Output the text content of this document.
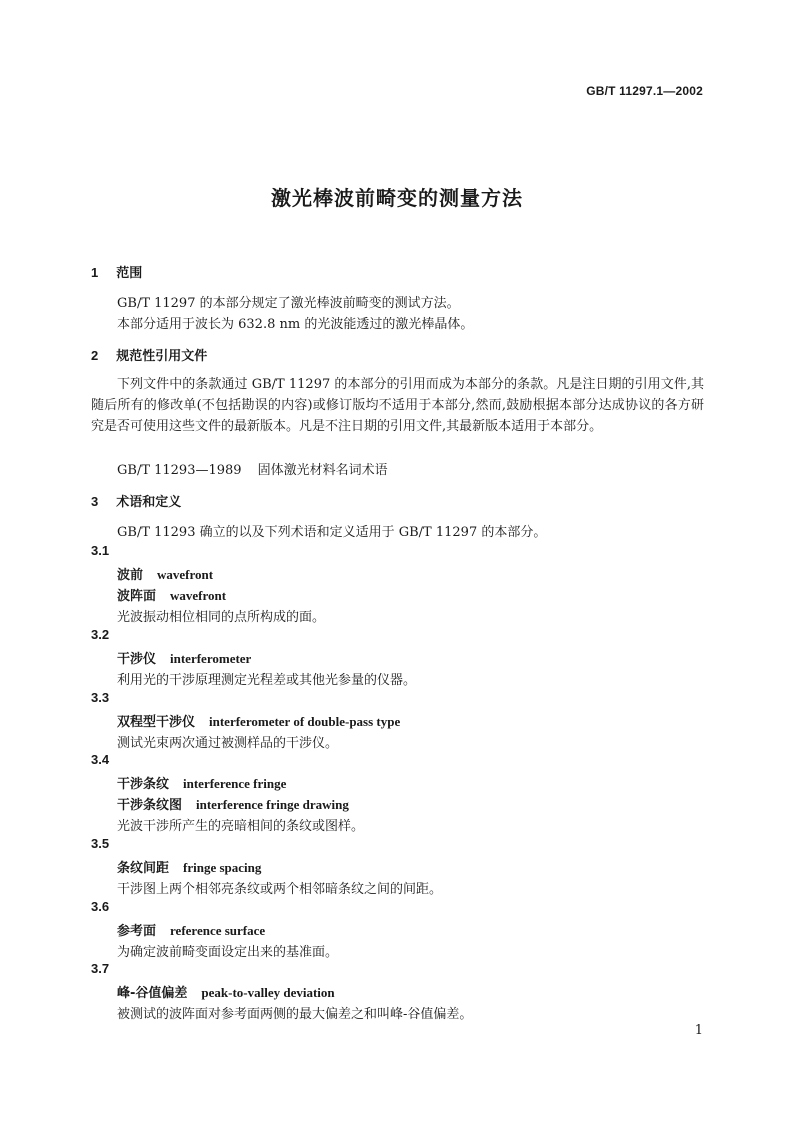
GB/T 11297.1—2002
激光棒波前畸变的测量方法
1 范围
GB/T 11297 的本部分规定了激光棒波前畸变的测试方法。
本部分适用于波长为 632.8 nm 的光波能透过的激光棒晶体。
2 规范性引用文件
下列文件中的条款通过 GB/T 11297 的本部分的引用而成为本部分的条款。凡是注日期的引用文件,其随后所有的修改单(不包括勘误的内容)或修订版均不适用于本部分,然而,鼓励根据本部分达成协议的各方研究是否可使用这些文件的最新版本。凡是不注日期的引用文件,其最新版本适用于本部分。
GB/T 11293—1989 固体激光材料名词术语
3 术语和定义
GB/T 11293 确立的以及下列术语和定义适用于 GB/T 11297 的本部分。
3.1
波前 wavefront
波阵面 wavefront
光波振动相位相同的点所构成的面。
3.2
干涉仪 interferometer
利用光的干涉原理测定光程差或其他光参量的仪器。
3.3
双程型干涉仪 interferometer of double-pass type
测试光束两次通过被测样品的干涉仪。
3.4
干涉条纹 interference fringe
干涉条纹图 interference fringe drawing
光波干涉所产生的亮暗相间的条纹或图样。
3.5
条纹间距 fringe spacing
干涉图上两个相邻亮条纹或两个相邻暗条纹之间的间距。
3.6
参考面 reference surface
为确定波前畸变面设定出来的基准面。
3.7
峰-谷值偏差 peak-to-valley deviation
被测试的波阵面对参考面两侧的最大偏差之和叫峰-谷值偏差。
1
